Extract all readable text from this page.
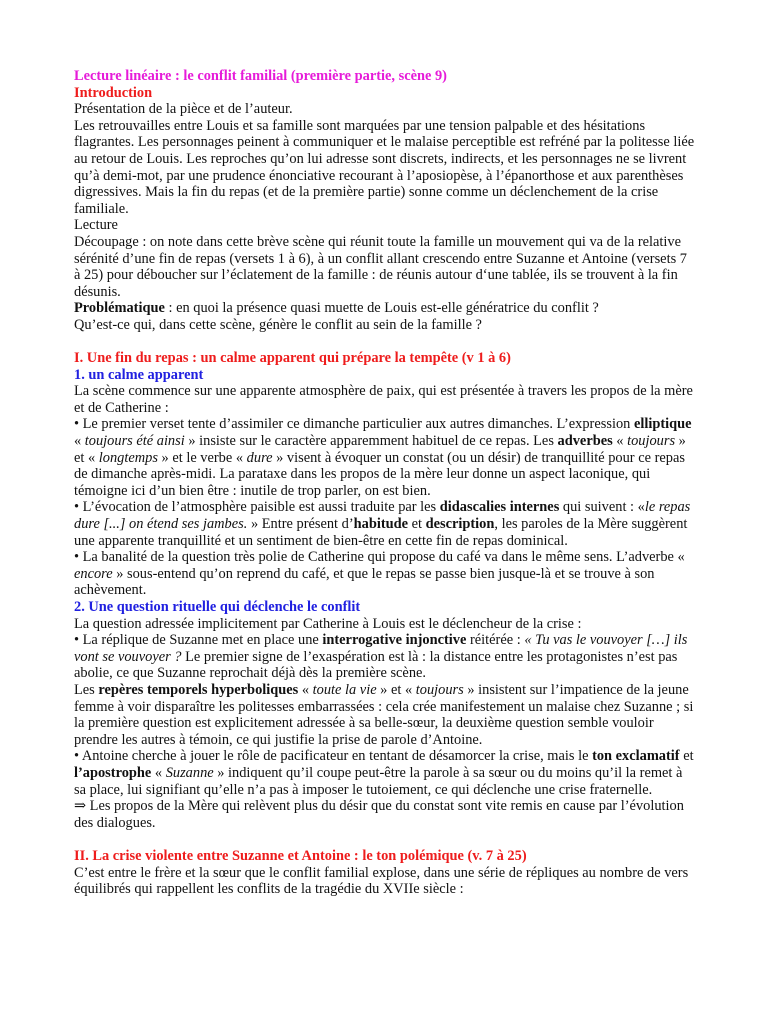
Lecture linéaire : le conflit familial (première partie, scène 9)

Introduction

Présentation de la pièce et de l’auteur.

Les retrouvailles entre Louis et sa famille sont marquées par une tension palpable et des hésitations flagrantes. Les personnages peinent à communiquer et le malaise perceptible est refréné par la politesse liée au retour de Louis. Les reproches qu’on lui adresse sont discrets, indirects, et les personnages ne se livrent qu’à demi-mot, par une prudence énonciative recourant à l’aposiopèse, à l’épanorthose et aux parenthèses digressives. Mais la fin du repas (et de la première partie) sonne comme un déclenchement de la crise familiale.

Lecture

Découpage : on note dans cette brève scène qui réunit toute la famille un mouvement qui va de la relative sérénité d’une fin de repas (versets 1 à 6), à un conflit allant crescendo entre Suzanne et Antoine (versets 7 à 25) pour déboucher sur l’éclatement de la famille : de réunis autour d‘une tablée, ils se trouvent à la fin désunis.

Problématique : en quoi la présence quasi muette de Louis est-elle génératrice du conflit ?

Qu’est-ce qui, dans cette scène, génère le conflit au sein de la famille ?

I. Une fin du repas : un calme apparent qui prépare la tempête (v 1 à 6)

1. un calme apparent

La scène commence sur une apparente atmosphère de paix, qui est présentée à travers les propos de la mère et de Catherine :

• Le premier verset tente d’assimiler ce dimanche particulier aux autres dimanches. L’expression elliptique « toujours été ainsi » insiste sur le caractère apparemment habituel de ce repas. Les adverbes « toujours » et « longtemps » et le verbe « dure » visent à évoquer un constat (ou un désir) de tranquillité pour ce repas de dimanche après-midi. La parataxe dans les propos de la mère leur donne un aspect laconique, qui témoigne ici d’un bien être : inutile de trop parler, on est bien.

• L’évocation de l’atmosphère paisible est aussi traduite par les didascalies internes qui suivent : «le repas dure [...] on étend ses jambes. » Entre présent d’habitude et description, les paroles de la Mère suggèrent une apparente tranquillité et un sentiment de bien-être en cette fin de repas dominical.

• La banalité de la question très polie de Catherine qui propose du café va dans le même sens. L’adverbe « encore » sous-entend qu’on reprend du café, et que le repas se passe bien jusque-là et se trouve à son achèvement.

2. Une question rituelle qui déclenche le conflit

La question adressée implicitement par Catherine à Louis est le déclencheur de la crise :

• La réplique de Suzanne met en place une interrogative injonctive réitérée : « Tu vas le vouvoyer […] ils vont se vouvoyer ? Le premier signe de l’exaspération est là : la distance entre les protagonistes n’est pas abolie, ce que Suzanne reprochait déjà dès la première scène.

Les repères temporels hyperboliques « toute la vie » et « toujours » insistent sur l’impatience de la jeune femme à voir disparaître les politesses embarrassées : cela crée manifestement un malaise chez Suzanne ; si la première question est explicitement adressée à sa belle-sœur, la deuxième question semble vouloir prendre les autres à témoin, ce qui justifie la prise de parole d’Antoine.

• Antoine cherche à jouer le rôle de pacificateur en tentant de désamorcer la crise, mais le ton exclamatif et l’apostrophe « Suzanne » indiquent qu’il coupe peut-être la parole à sa sœur ou du moins qu’il la remet à sa place, lui signifiant qu’elle n’a pas à imposer le tutoiement, ce qui déclenche une crise fraternelle.

⇒ Les propos de la Mère qui relèvent plus du désir que du constat sont vite remis en cause par l’évolution des dialogues.

II. La crise violente entre Suzanne et Antoine : le ton polémique (v. 7 à 25)

C’est entre le frère et la sœur que le conflit familial explose, dans une série de répliques au nombre de vers équilibrés qui rappellent les conflits de la tragédie du XVIIe siècle :
